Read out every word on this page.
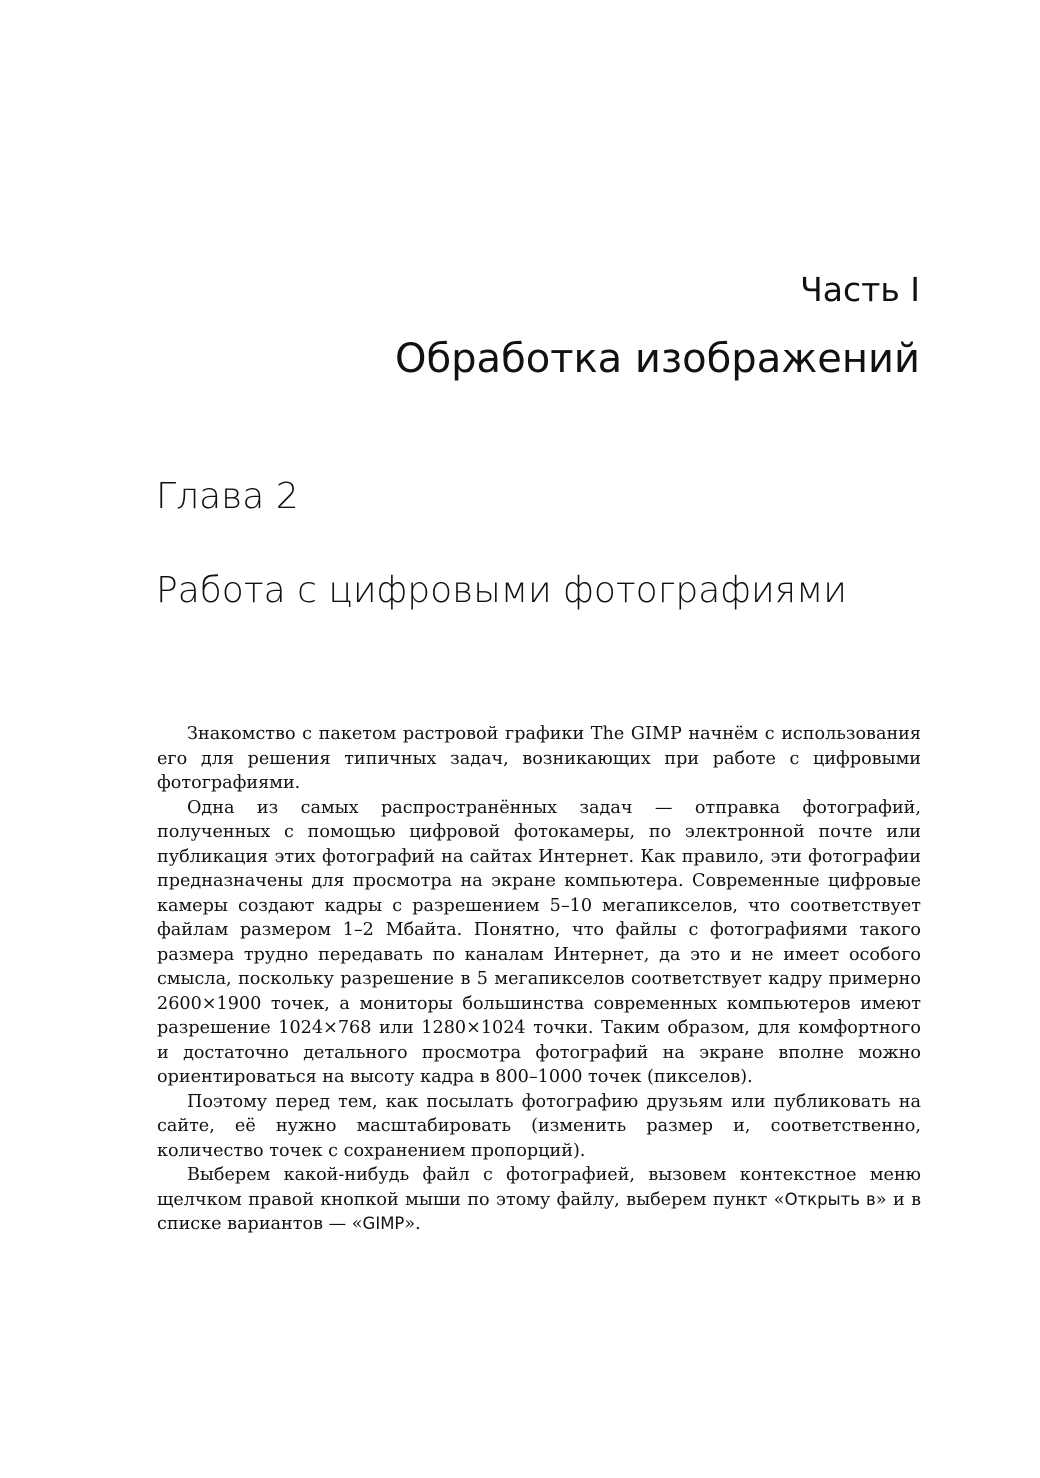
Часть I
Обработка изображений
Глава 2
Работа с цифровыми фотографиями

Знакомство с пакетом растровой графики The GIMP начнём с использования его для решения типичных задач, возникающих при работе с цифровыми фотографиями.

Одна из самых распространённых задач — отправка фотографий, полученных с помощью цифровой фотокамеры, по электронной почте или публикация этих фотографий на сайтах Интернет. Как правило, эти фотографии предназначены для просмотра на экране компьютера. Современные цифровые камеры создают кадры с разрешением 5–10 мегапикселов, что соответствует файлам размером 1–2 Мбайта. Понятно, что файлы с фотографиями такого размера трудно передавать по каналам Интернет, да это и не имеет особого смысла, поскольку разрешение в 5 мегапикселов соответствует кадру примерно 2600×1900 точек, а мониторы большинства современных компьютеров имеют разрешение 1024×768 или 1280×1024 точки. Таким образом, для комфортного и достаточно детального просмотра фотографий на экране вполне можно ориентироваться на высоту кадра в 800–1000 точек (пикселов).

Поэтому перед тем, как посылать фотографию друзьям или публиковать на сайте, её нужно масштабировать (изменить размер и, соответственно, количество точек с сохранением пропорций).

Выберем какой-нибудь файл с фотографией, вызовем контекстное меню щелчком правой кнопкой мыши по этому файлу, выберем пункт «Открыть в» и в списке вариантов — «GIMP».
